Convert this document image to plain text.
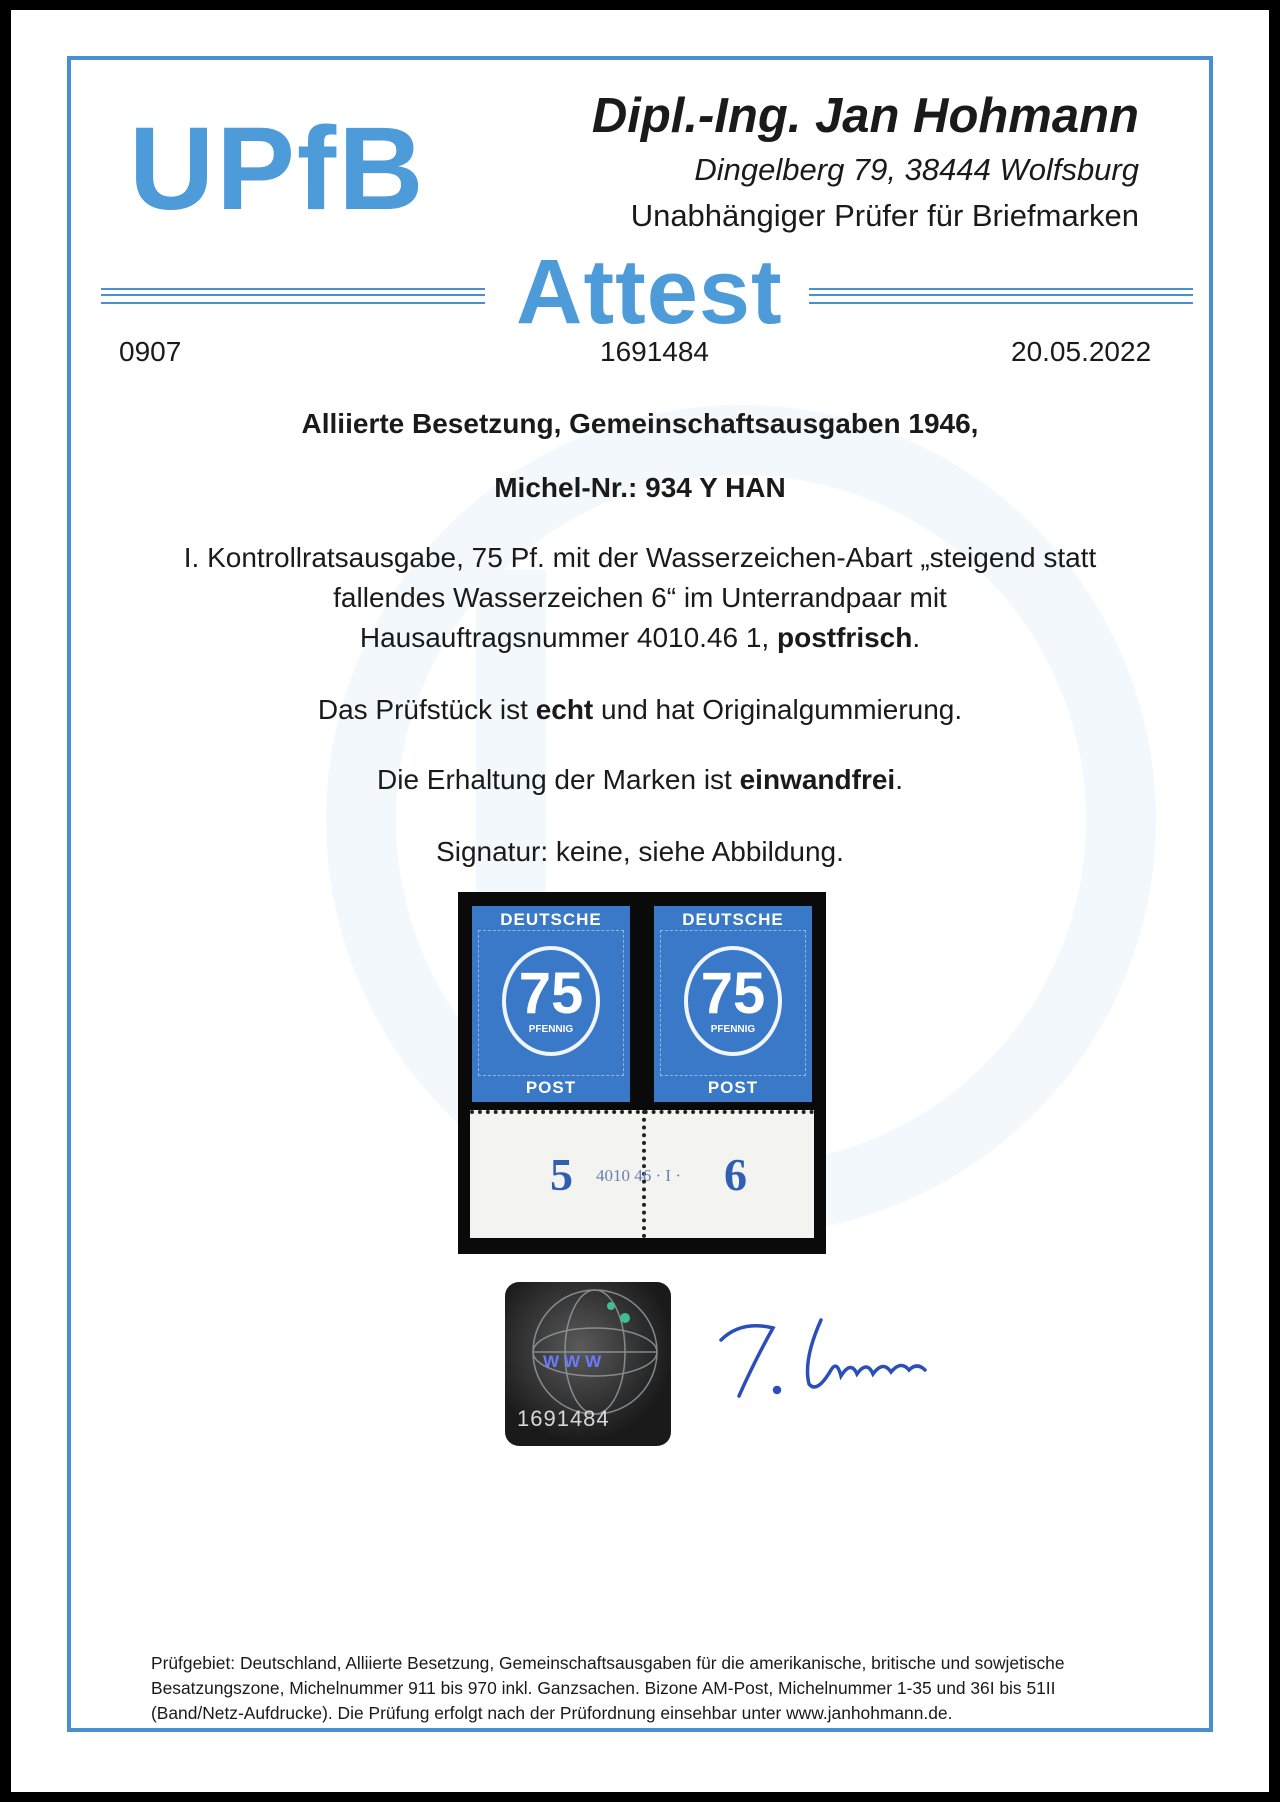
UPfB	Dipl.-Ing. Jan Hohmann
Dingelberg 79, 38444 Wolfsburg
Unabhängiger Prüfer für Briefmarken
Attest
0907	1691484	20.05.2022
Alliierte Besetzung, Gemeinschaftsausgaben 1946,
Michel-Nr.: 934 Y HAN
I. Kontrollratsausgabe, 75 Pf. mit der Wasserzeichen-Abart „steigend statt
fallendes Wasserzeichen 6“ im Unterrandpaar mit
Hausauftragsnummer 4010.46 1, postfrisch.
Das Prüfstück ist echt und hat Originalgummierung.
Die Erhaltung der Marken ist einwandfrei.
Signatur: keine, siehe Abbildung.
DEUTSCHE
75
PFENNIG
POST
DEUTSCHE
75
PFENNIG
POST
5 4010 46 · I · 6
WWW
1691484
Prüfgebiet: Deutschland, Alliierte Besetzung, Gemeinschaftsausgaben für die amerikanische, britische und sowjetische Besatzungszone, Michelnummer 911 bis 970 inkl. Ganzsachen. Bizone AM-Post, Michelnummer 1-35 und 36I bis 51II (Band/Netz-Aufdrucke). Die Prüfung erfolgt nach der Prüfordnung einsehbar unter www.janhohmann.de.
